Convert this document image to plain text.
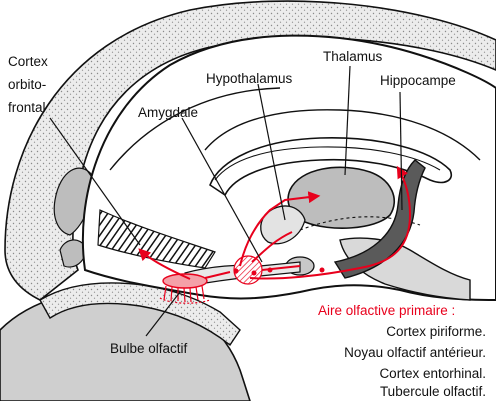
Cortex
orbito-
frontal
Thalamus
Hypothalamus	Hippocampe
Amygdale
Bulbe olfactif
Aire olfactive primaire :
Cortex piriforme.
Noyau olfactif antérieur.
Cortex entorhinal.
Tubercule olfactif.
